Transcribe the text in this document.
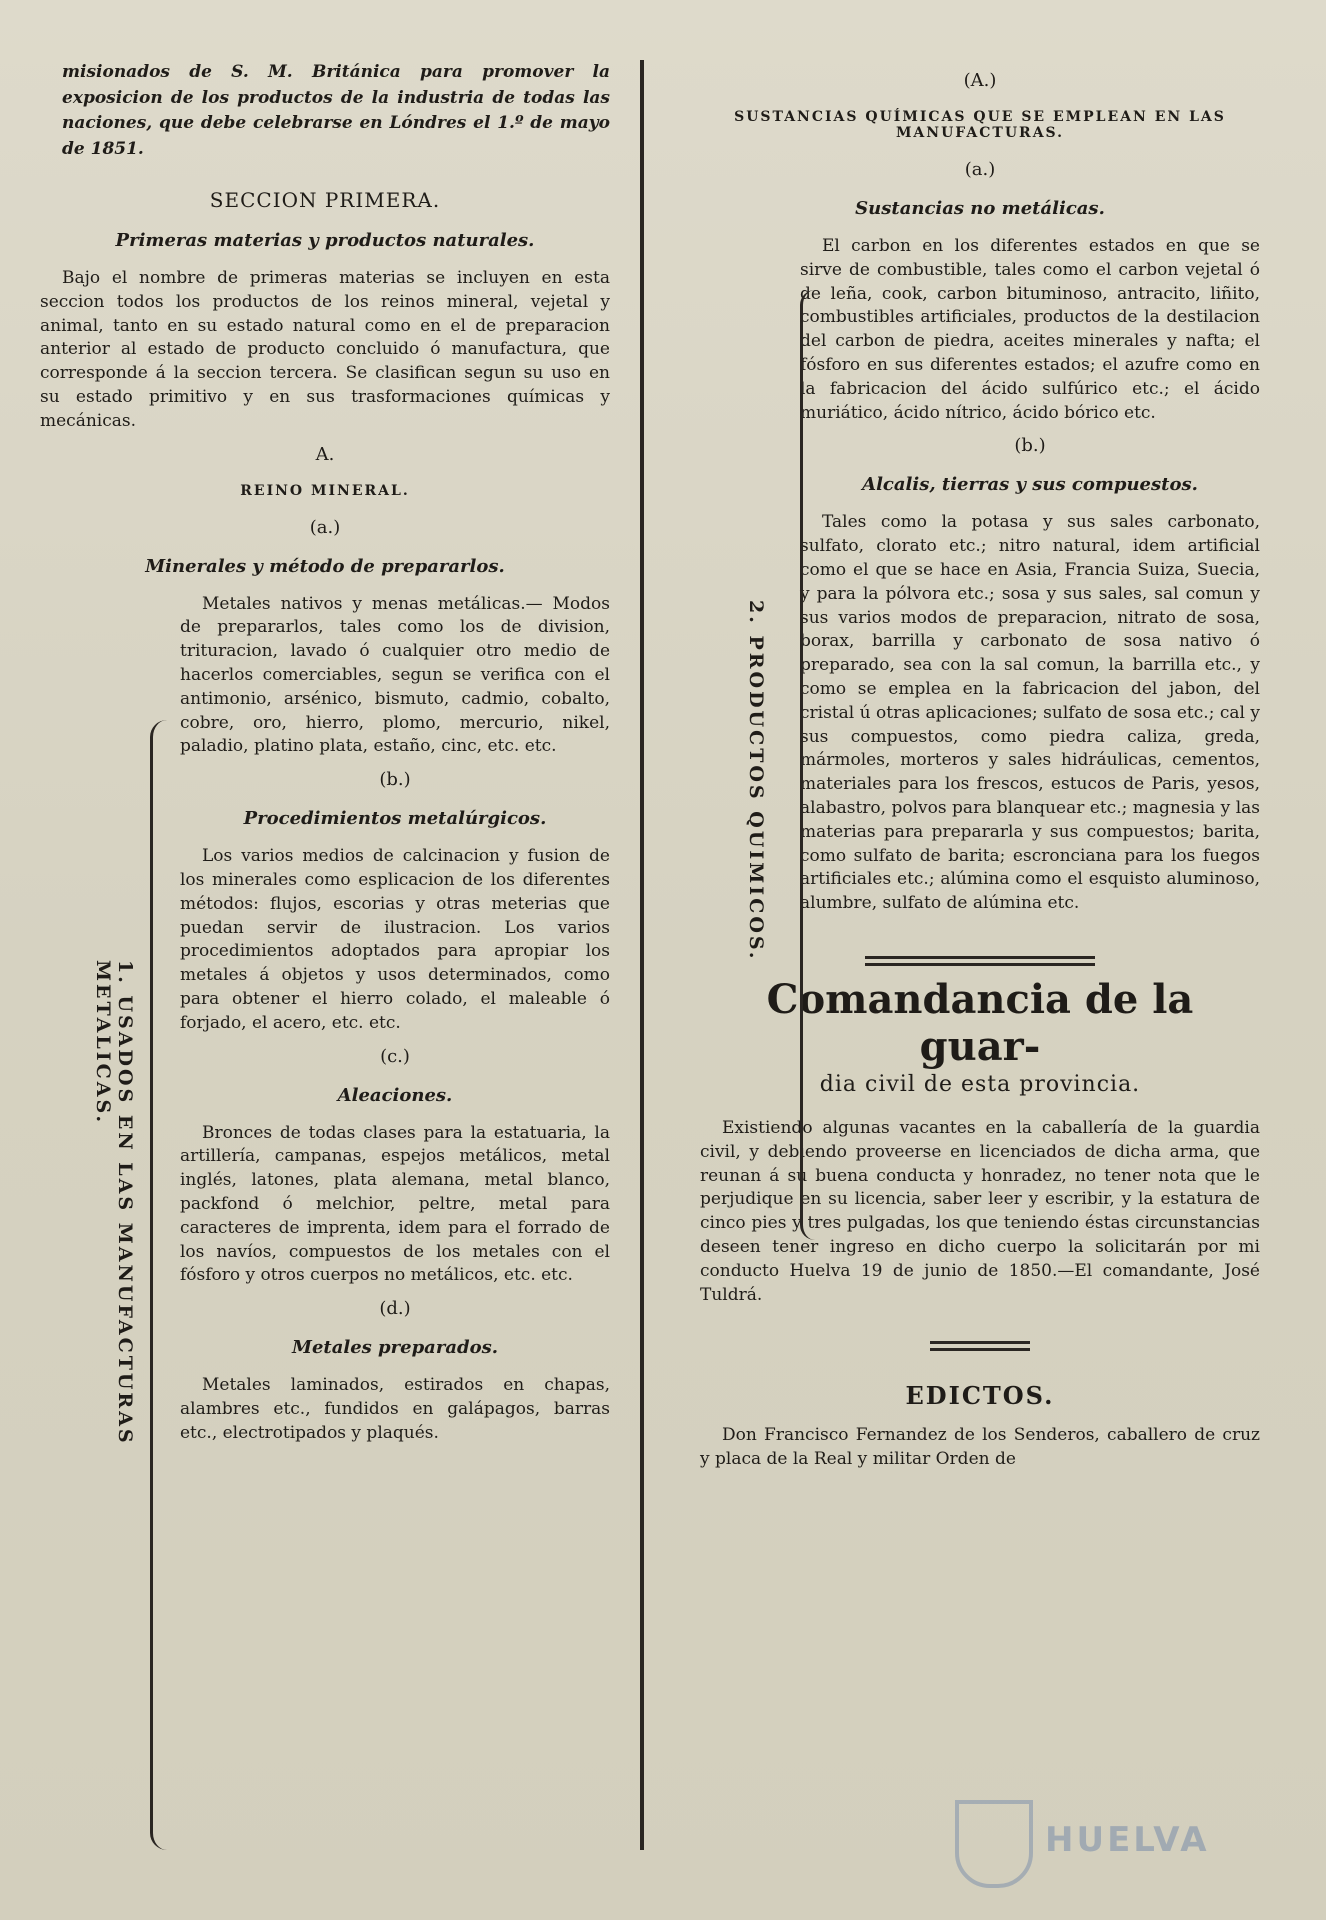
misionados de S. M. Británica para promover la exposicion de los productos de la industria de todas las naciones, que debe celebrarse en Lóndres el 1.º de mayo de 1851.

SECCION PRIMERA.
Primeras materias y productos naturales.

Bajo el nombre de primeras materias se incluyen en esta seccion todos los productos de los reinos mineral, vejetal y animal, tanto en su estado natural como en el de preparacion anterior al estado de producto concluido ó manufactura, que corresponde á la seccion tercera. Se clasifican segun su uso en su estado primitivo y en sus trasformaciones químicas y mecánicas.

A.
REINO MINERAL.
(a.)
Minerales y método de prepararlos.

Metales nativos y menas metálicas.— Modos de prepararlos, tales como los de division, trituracion, lavado ó cualquier otro medio de hacerlos comerciables, segun se verifica con el antimonio, arsénico, bismuto, cadmio, cobalto, cobre, oro, hierro, plomo, mercurio, nikel, paladio, platino plata, estaño, cinc, etc. etc.

(b.)
Procedimientos metalúrgicos.

Los varios medios de calcinacion y fusion de los minerales como esplicacion de los diferentes métodos: flujos, escorias y otras meterias que puedan servir de ilustracion. Los varios procedimientos adoptados para apropiar los metales á objetos y usos determinados, como para obtener el hierro colado, el maleable ó forjado, el acero, etc. etc.

(c.)
Aleaciones.

Bronces de todas clases para la estatuaria, la artillería, campanas, espejos metálicos, metal inglés, latones, plata alemana, metal blanco, packfond ó melchior, peltre, metal para caracteres de imprenta, idem para el forrado de los navíos, compuestos de los metales con el fósforo y otros cuerpos no metálicos, etc. etc.

(d.)
Metales preparados.

Metales laminados, estirados en chapas, alambres etc., fundidos en galápagos, barras etc., electrotipados y plaqués.

1. USADOS EN LAS MANUFACTURAS METALICAS.
(A.)
SUSTANCIAS QUÍMICAS QUE SE EMPLEAN EN LAS MANUFACTURAS.
(a.)
Sustancias no metálicas.

El carbon en los diferentes estados en que se sirve de combustible, tales como el carbon vejetal ó de leña, cook, carbon bituminoso, antracito, liñito, combustibles artificiales, productos de la destilacion del carbon de piedra, aceites minerales y nafta; el fósforo en sus diferentes estados; el azufre como en la fabricacion del ácido sulfúrico etc.; el ácido muriático, ácido nítrico, ácido bórico etc.

(b.)
Alcalis, tierras y sus compuestos.

Tales como la potasa y sus sales carbonato, sulfato, clorato etc.; nitro natural, idem artificial como el que se hace en Asia, Francia Suiza, Suecia, y para la pólvora etc.; sosa y sus sales, sal comun y sus varios modos de preparacion, nitrato de sosa, borax, barrilla y carbonato de sosa nativo ó preparado, sea con la sal comun, la barrilla etc., y como se emplea en la fabricacion del jabon, del cristal ú otras aplicaciones; sulfato de sosa etc.; cal y sus compuestos, como piedra caliza, greda, mármoles, morteros y sales hidráulicas, cementos, materiales para los frescos, estucos de Paris, yesos, alabastro, polvos para blanquear etc.; magnesia y las materias para prepararla y sus compuestos; barita, como sulfato de barita; escronciana para los fuegos artificiales etc.; alúmina como el esquisto aluminoso, alumbre, sulfato de alúmina etc.

Comandancia de la guar-
dia civil de esta provincia.

Existiendo algunas vacantes en la caballería de la guardia civil, y debiendo proveerse en licenciados de dicha arma, que reunan á su buena conducta y honradez, no tener nota que le perjudique en su licencia, saber leer y escribir, y la estatura de cinco pies y tres pulgadas, los que teniendo éstas circunstancias deseen tener ingreso en dicho cuerpo la solicitarán por mi conducto Huelva 19 de junio de 1850.—El comandante, José Tuldrá.

EDICTOS.

Don Francisco Fernandez de los Senderos, caballero de cruz y placa de la Real y militar Orden de

2. PRODUCTOS QUIMICOS.
HUELVA
